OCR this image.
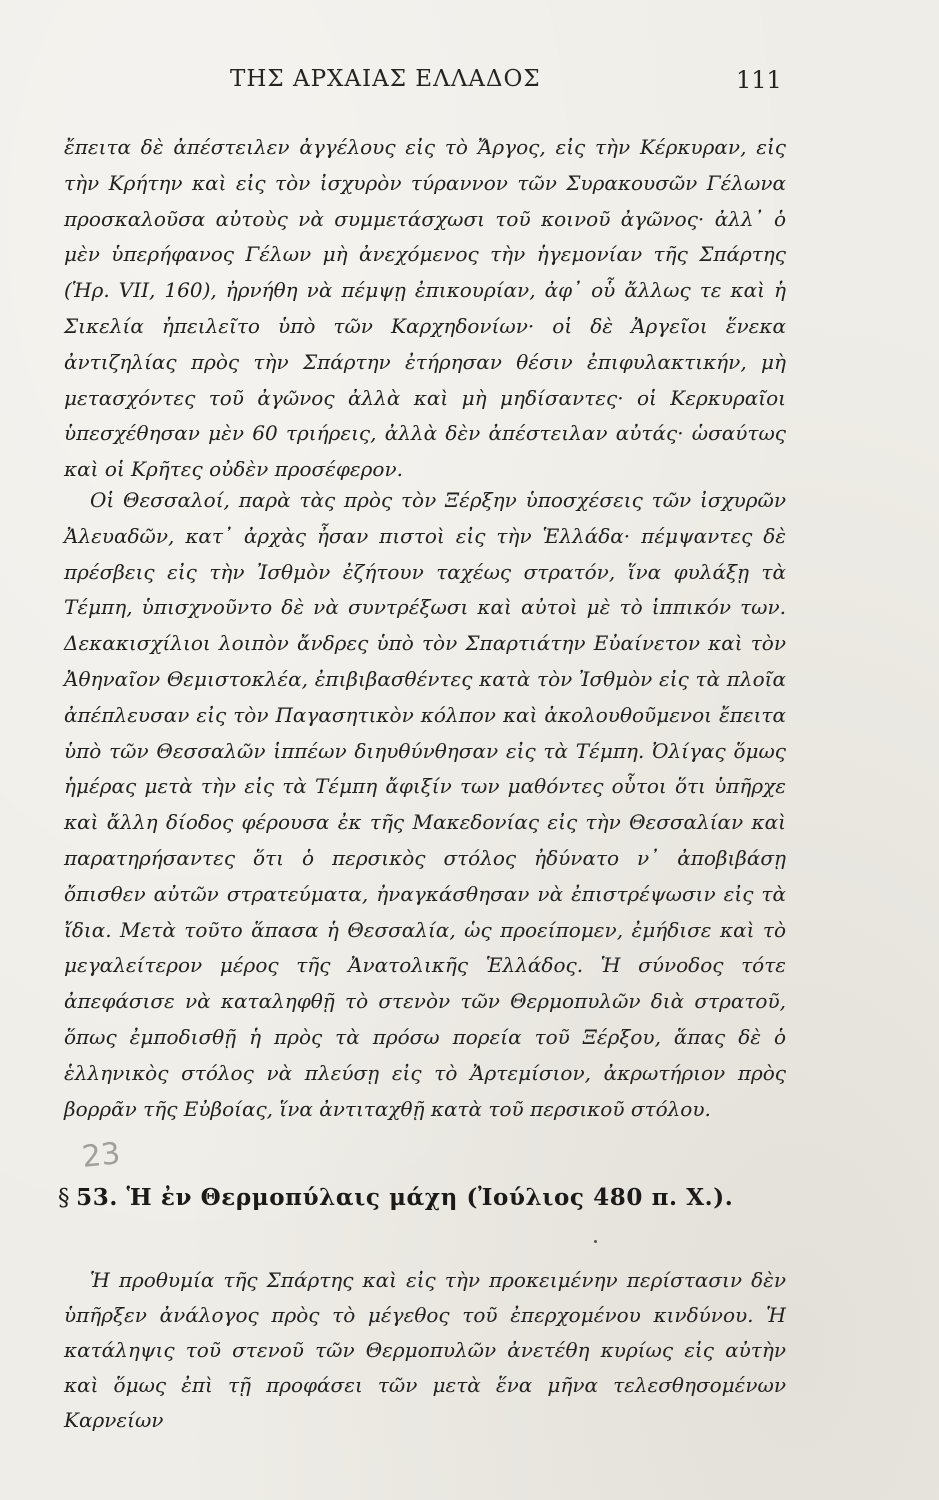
ΤΗΣ ΑΡΧΑΙΑΣ ΕΛΛΑΔΟΣ	111

ἔπειτα δὲ ἀπέστειλεν ἀγγέλους εἰς τὸ Ἄργος, εἰς τὴν Κέρκυραν, εἰς τὴν Κρήτην καὶ εἰς τὸν ἰσχυρὸν τύραννον τῶν Συρακουσῶν Γέλωνα προσκαλοῦσα αὐτοὺς νὰ συμμετάσχωσι τοῦ κοινοῦ ἀγῶνος· ἀλλ᾽ ὁ μὲν ὑπερήφανος Γέλων μὴ ἀνεχόμενος τὴν ἡγεμονίαν τῆς Σπάρτης (Ἡρ. VII, 160), ἠρνήθη νὰ πέμψῃ ἐπικουρίαν, ἀφ᾽ οὗ ἄλλως τε καὶ ἡ Σικελία ἠπειλεῖτο ὑπὸ τῶν Καρχηδονίων· οἱ δὲ Ἀργεῖοι ἕνεκα ἀντιζηλίας πρὸς τὴν Σπάρτην ἐτήρησαν θέσιν ἐπιφυλακτικήν, μὴ μετασχόντες τοῦ ἀγῶνος ἀλλὰ καὶ μὴ μηδίσαντες· οἱ Κερκυραῖοι ὑπεσχέθησαν μὲν 60 τριήρεις, ἀλλὰ δὲν ἀπέστειλαν αὐτάς· ὡσαύτως καὶ οἱ Κρῆτες οὐδὲν προσέφερον.

Οἱ Θεσσαλοί, παρὰ τὰς πρὸς τὸν Ξέρξην ὑποσχέσεις τῶν ἰσχυρῶν Ἀλευαδῶν, κατ᾽ ἀρχὰς ἦσαν πιστοὶ εἰς τὴν Ἑλλάδα· πέμψαντες δὲ πρέσβεις εἰς τὴν Ἰσθμὸν ἐζήτουν ταχέως στρατόν, ἵνα φυλάξῃ τὰ Τέμπη, ὑπισχνοῦντο δὲ νὰ συντρέξωσι καὶ αὐτοὶ μὲ τὸ ἱππικόν των. Δεκακισχίλιοι λοιπὸν ἄνδρες ὑπὸ τὸν Σπαρτιάτην Εὐαίνετον καὶ τὸν Ἀθηναῖον Θεμιστοκλέα, ἐπιβιβασθέντες κατὰ τὸν Ἰσθμὸν εἰς τὰ πλοῖα ἀπέπλευσαν εἰς τὸν Παγασητικὸν κόλπον καὶ ἀκολουθοῦμενοι ἔπειτα ὑπὸ τῶν Θεσσαλῶν ἱππέων διηυθύνθησαν εἰς τὰ Τέμπη. Ὀλίγας ὅμως ἡμέρας μετὰ τὴν εἰς τὰ Τέμπη ἄφιξίν των μαθόντες οὗτοι ὅτι ὑπῆρχε καὶ ἄλλη δίοδος φέρουσα ἐκ τῆς Μακεδονίας εἰς τὴν Θεσσαλίαν καὶ παρατηρήσαντες ὅτι ὁ περσικὸς στόλος ἠδύνατο ν᾽ ἀποβιβάσῃ ὄπισθεν αὐτῶν στρατεύματα, ἠναγκάσθησαν νὰ ἐπιστρέψωσιν εἰς τὰ ἴδια. Μετὰ τοῦτο ἅπασα ἡ Θεσσαλία, ὡς προείπομεν, ἐμήδισε καὶ τὸ μεγαλείτερον μέρος τῆς Ἀνατολικῆς Ἑλλάδος. Ἡ σύνοδος τότε ἀπεφάσισε νὰ καταληφθῇ τὸ στενὸν τῶν Θερμοπυλῶν διὰ στρατοῦ, ὅπως ἐμποδισθῇ ἡ πρὸς τὰ πρόσω πορεία τοῦ Ξέρξου, ἅπας δὲ ὁ ἑλληνικὸς στόλος νὰ πλεύσῃ εἰς τὸ Ἀρτεμίσιον, ἀκρωτήριον πρὸς βορρᾶν τῆς Εὐβοίας, ἵνα ἀντιταχθῇ κατὰ τοῦ περσικοῦ στόλου.

23
§ 53. Ἡ ἐν Θερμοπύλαις μάχη (Ἰούλιος 480 π. Χ.).

Ἡ προθυμία τῆς Σπάρτης καὶ εἰς τὴν προκειμένην περίστασιν δὲν ὑπῆρξεν ἀνάλογος πρὸς τὸ μέγεθος τοῦ ἐπερχομένου κινδύνου. Ἡ κατάληψις τοῦ στενοῦ τῶν Θερμοπυλῶν ἀνετέθη κυρίως εἰς αὐτὴν καὶ ὅμως ἐπὶ τῇ προφάσει τῶν μετὰ ἕνα μῆνα τελεσθησομένων Καρνείων
